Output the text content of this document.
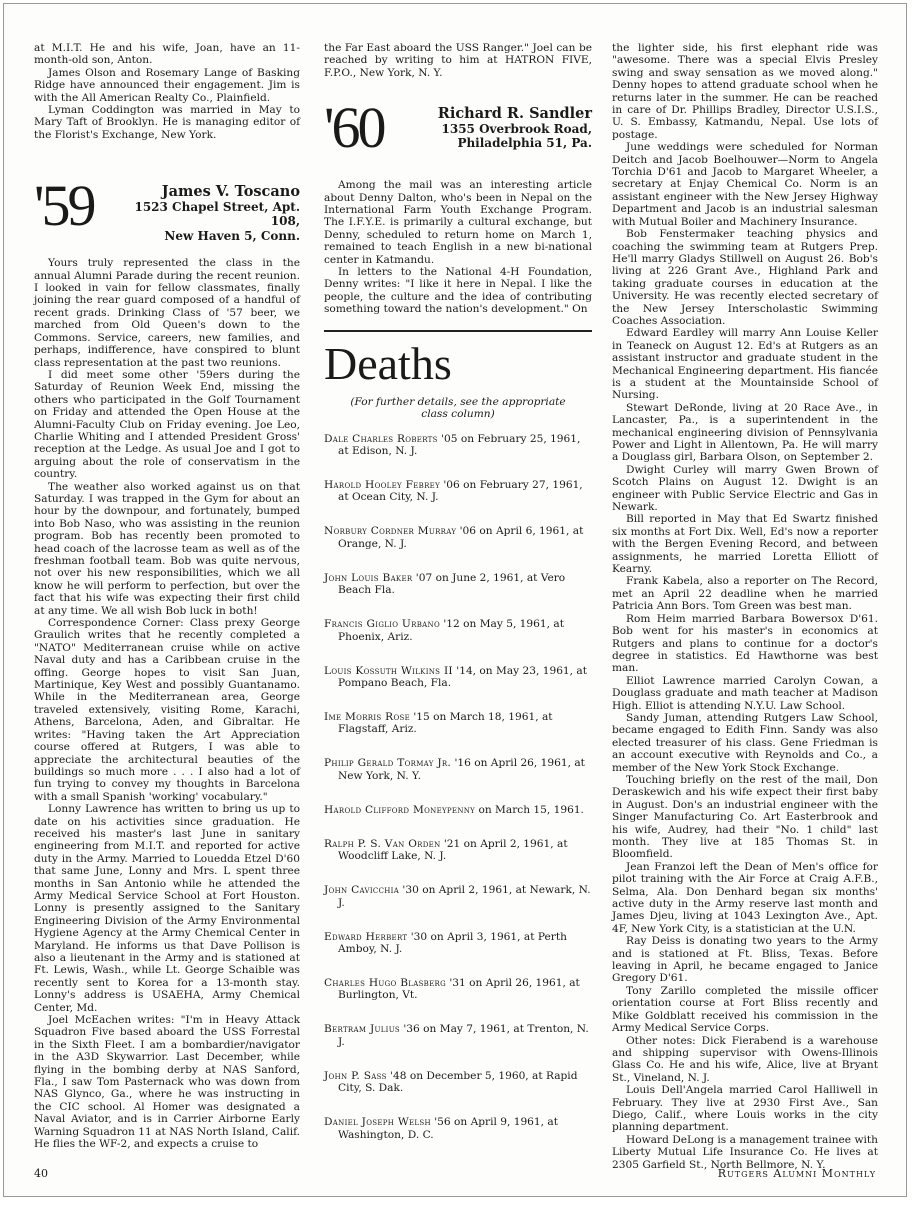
at M.I.T. He and his wife, Joan, have an 11-month-old son, Anton.

James Olson and Rosemary Lange of Basking Ridge have announced their engagement. Jim is with the All American Realty Co., Plainfield.

Lyman Coddington was married in May to Mary Taft of Brooklyn. He is managing editor of the Florist's Exchange, New York.

'59	James V. Toscano
1523 Chapel Street, Apt. 108,
New Haven 5, Conn.

Yours truly represented the class in the annual Alumni Parade during the recent reunion. I looked in vain for fellow classmates, finally joining the rear guard composed of a handful of recent grads. Drinking Class of '57 beer, we marched from Old Queen's down to the Commons. Service, careers, new families, and perhaps, indifference, have conspired to blunt class representation at the past two reunions.

I did meet some other '59ers during the Saturday of Reunion Week End, missing the others who participated in the Golf Tournament on Friday and attended the Open House at the Alumni-Faculty Club on Friday evening. Joe Leo, Charlie Whiting and I attended President Gross' reception at the Ledge. As usual Joe and I got to arguing about the role of conservatism in the country.

The weather also worked against us on that Saturday. I was trapped in the Gym for about an hour by the downpour, and fortunately, bumped into Bob Naso, who was assisting in the reunion program. Bob has recently been promoted to head coach of the lacrosse team as well as of the freshman football team. Bob was quite nervous, not over his new responsibilities, which we all know he will perform to perfection, but over the fact that his wife was expecting their first child at any time. We all wish Bob luck in both!

Correspondence Corner: Class prexy George Graulich writes that he recently completed a "NATO" Mediterranean cruise while on active Naval duty and has a Caribbean cruise in the offing. George hopes to visit San Juan, Martinique, Key West and possibly Guantanamo. While in the Mediterranean area, George traveled extensively, visiting Rome, Karachi, Athens, Barcelona, Aden, and Gibraltar. He writes: "Having taken the Art Appreciation course offered at Rutgers, I was able to appreciate the architectural beauties of the buildings so much more . . . I also had a lot of fun trying to convey my thoughts in Barcelona with a small Spanish 'working' vocabulary."

Lonny Lawrence has written to bring us up to date on his activities since graduation. He received his master's last June in sanitary engineering from M.I.T. and reported for active duty in the Army. Married to Louedda Etzel D'60 that same June, Lonny and Mrs. L spent three months in San Antonio while he attended the Army Medical Service School at Fort Houston. Lonny is presently assigned to the Sanitary Engineering Division of the Army Environmental Hygiene Agency at the Army Chemical Center in Maryland. He informs us that Dave Pollison is also a lieutenant in the Army and is stationed at Ft. Lewis, Wash., while Lt. George Schaible was recently sent to Korea for a 13-month stay. Lonny's address is USAEHA, Army Chemical Center, Md.

Joel McEachen writes: "I'm in Heavy Attack Squadron Five based aboard the USS Forrestal in the Sixth Fleet. I am a bombardier/navigator in the A3D Skywarrior. Last December, while flying in the bombing derby at NAS Sanford, Fla., I saw Tom Pasternack who was down from NAS Glynco, Ga., where he was instructing in the CIC school. Al Homer was designated a Naval Aviator, and is in Carrier Airborne Early Warning Squadron 11 at NAS North Island, Calif. He flies the WF-2, and expects a cruise to

the Far East aboard the USS Ranger." Joel can be reached by writing to him at HATRON FIVE, F.P.O., New York, N. Y.

'60	Richard R. Sandler
1355 Overbrook Road,
Philadelphia 51, Pa.

Among the mail was an interesting article about Denny Dalton, who's been in Nepal on the International Farm Youth Exchange Program. The I.F.Y.E. is primarily a cultural exchange, but Denny, scheduled to return home on March 1, remained to teach English in a new bi-national center in Katmandu.

In letters to the National 4-H Foundation, Denny writes: "I like it here in Nepal. I like the people, the culture and the idea of contributing something toward the nation's development." On

Deaths
(For further details, see the appropriate class column)
Dale Charles Roberts '05 on February 25, 1961, at Edison, N. J.
Harold Hooley Febrey '06 on February 27, 1961, at Ocean City, N. J.
Norbury Cordner Murray '06 on April 6, 1961, at Orange, N. J.
John Louis Baker '07 on June 2, 1961, at Vero Beach Fla.
Francis Giglio Urbano '12 on May 5, 1961, at Phoenix, Ariz.
Louis Kossuth Wilkins II '14, on May 23, 1961, at Pompano Beach, Fla.
Ime Morris Rose '15 on March 18, 1961, at Flagstaff, Ariz.
Philip Gerald Tormay Jr. '16 on April 26, 1961, at New York, N. Y.
Harold Clifford Moneypenny on March 15, 1961.
Ralph P. S. Van Orden '21 on April 2, 1961, at Woodcliff Lake, N. J.
John Cavicchia '30 on April 2, 1961, at Newark, N. J.
Edward Herbert '30 on April 3, 1961, at Perth Amboy, N. J.
Charles Hugo Blasberg '31 on April 26, 1961, at Burlington, Vt.
Bertram Julius '36 on May 7, 1961, at Trenton, N. J.
John P. Sass '48 on December 5, 1960, at Rapid City, S. Dak.
Daniel Joseph Welsh '56 on April 9, 1961, at Washington, D. C.

the lighter side, his first elephant ride was "awesome. There was a special Elvis Presley swing and sway sensation as we moved along." Denny hopes to attend graduate school when he returns later in the summer. He can be reached in care of Dr. Phillips Bradley, Director U.S.I.S., U. S. Embassy, Katmandu, Nepal. Use lots of postage.

June weddings were scheduled for Norman Deitch and Jacob Boelhouwer—Norm to Angela Torchia D'61 and Jacob to Margaret Wheeler, a secretary at Enjay Chemical Co. Norm is an assistant engineer with the New Jersey Highway Department and Jacob is an industrial salesman with Mutual Boiler and Machinery Insurance.

Bob Fenstermaker teaching physics and coaching the swimming team at Rutgers Prep. He'll marry Gladys Stillwell on August 26. Bob's living at 226 Grant Ave., Highland Park and taking graduate courses in education at the University. He was recently elected secretary of the New Jersey Interscholastic Swimming Coaches Association.

Edward Eardley will marry Ann Louise Keller in Teaneck on August 12. Ed's at Rutgers as an assistant instructor and graduate student in the Mechanical Engineering department. His fiancée is a student at the Mountainside School of Nursing.

Stewart DeRonde, living at 20 Race Ave., in Lancaster, Pa., is a superintendent in the mechanical engineering division of Pennsylvania Power and Light in Allentown, Pa. He will marry a Douglass girl, Barbara Olson, on September 2.

Dwight Curley will marry Gwen Brown of Scotch Plains on August 12. Dwight is an engineer with Public Service Electric and Gas in Newark.

Bill reported in May that Ed Swartz finished six months at Fort Dix. Well, Ed's now a reporter with the Bergen Evening Record, and between assignments, he married Loretta Elliott of Kearny.

Frank Kabela, also a reporter on The Record, met an April 22 deadline when he married Patricia Ann Bors. Tom Green was best man.

Rom Heim married Barbara Bowersox D'61. Bob went for his master's in economics at Rutgers and plans to continue for a doctor's degree in statistics. Ed Hawthorne was best man.

Elliot Lawrence married Carolyn Cowan, a Douglass graduate and math teacher at Madison High. Elliot is attending N.Y.U. Law School.

Sandy Juman, attending Rutgers Law School, became engaged to Edith Finn. Sandy was also elected treasurer of his class. Gene Friedman is an account executive with Reynolds and Co., a member of the New York Stock Exchange.

Touching briefly on the rest of the mail, Don Deraskewich and his wife expect their first baby in August. Don's an industrial engineer with the Singer Manufacturing Co. Art Easterbrook and his wife, Audrey, had their "No. 1 child" last month. They live at 185 Thomas St. in Bloomfield.

Jean Franzoi left the Dean of Men's office for pilot training with the Air Force at Craig A.F.B., Selma, Ala. Don Denhard began six months' active duty in the Army reserve last month and James Djeu, living at 1043 Lexington Ave., Apt. 4F, New York City, is a statistician at the U.N.

Ray Deiss is donating two years to the Army and is stationed at Ft. Bliss, Texas. Before leaving in April, he became engaged to Janice Gregory D'61.

Tony Zarillo completed the missile officer orientation course at Fort Bliss recently and Mike Goldblatt received his commission in the Army Medical Service Corps.

Other notes: Dick Fierabend is a warehouse and shipping supervisor with Owens-Illinois Glass Co. He and his wife, Alice, live at Bryant St., Vineland, N. J.

Louis Dell'Angela married Carol Halliwell in February. They live at 2930 First Ave., San Diego, Calif., where Louis works in the city planning department.

Howard DeLong is a management trainee with Liberty Mutual Life Insurance Co. He lives at 2305 Garfield St., North Bellmore, N. Y.

40	Rutgers Alumni Monthly
